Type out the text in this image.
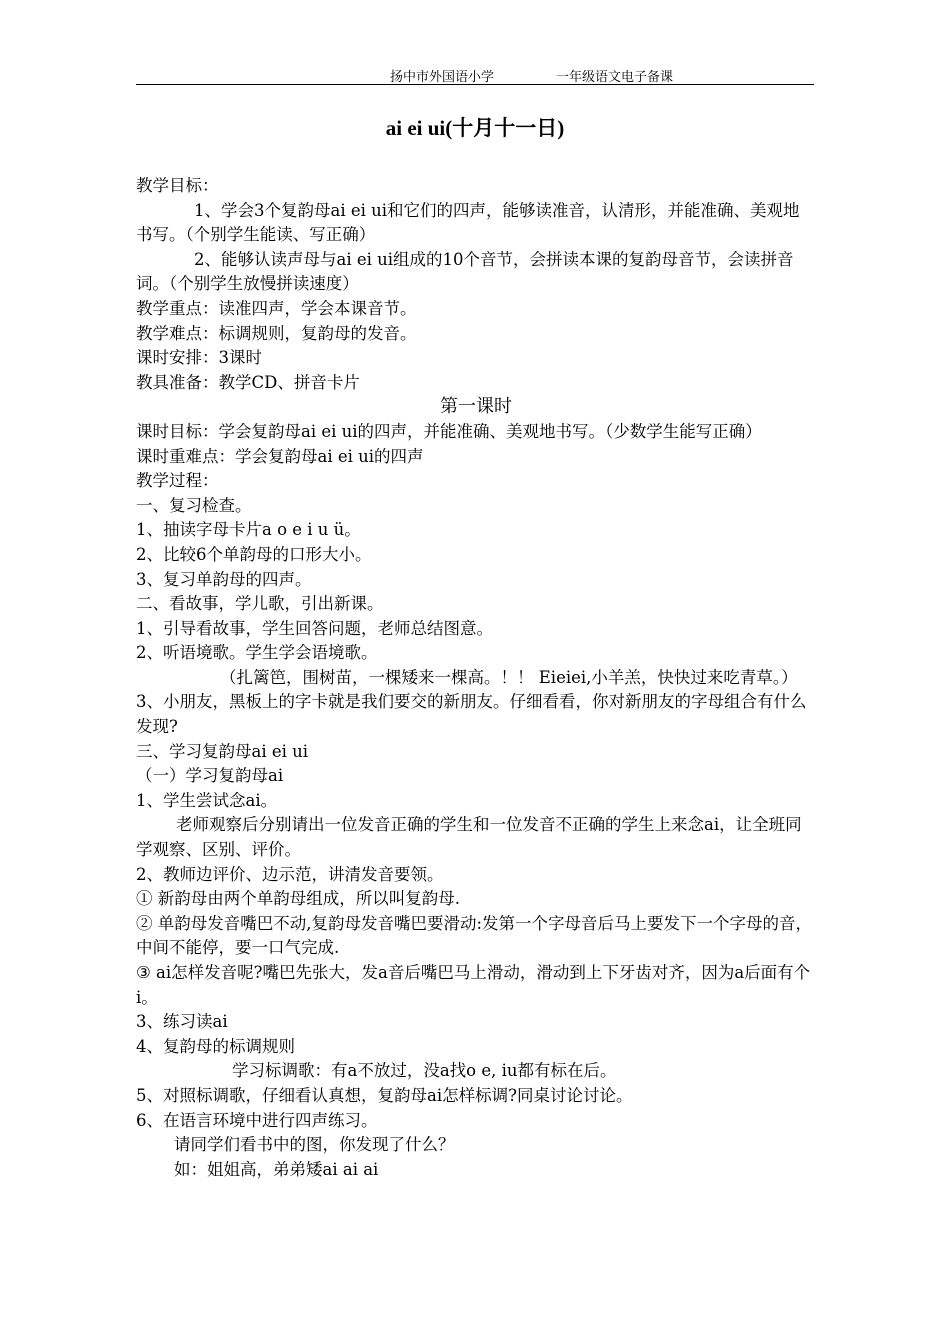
扬中市外国语小学	一年级语文电子备课
ai ei ui(十月十一日)

教学目标：

1、学会3个复韵母ai ei ui和它们的四声，能够读准音，认清形，并能准确、美观地书写。（个别学生能读、写正确）

2、能够认读声母与ai ei ui组成的10个音节，会拼读本课的复韵母音节，会读拼音词。（个别学生放慢拼读速度）

教学重点：读准四声，学会本课音节。

教学难点：标调规则，复韵母的发音。

课时安排：3课时

教具准备：教学CD、拼音卡片

第一课时

课时目标：学会复韵母ai ei ui的四声，并能准确、美观地书写。（少数学生能写正确）

课时重难点：学会复韵母ai ei ui的四声

教学过程：

一、复习检查。

1、抽读字母卡片a o e i u ü。

2、比较6个单韵母的口形大小。

3、复习单韵母的四声。

二、看故事，学儿歌，引出新课。

1、引导看故事，学生回答问题，老师总结图意。

2、听语境歌。学生学会语境歌。

（扎篱笆，围树苗，一棵矮来一棵高。！！ Eieiei,小羊羔，快快过来吃青草。）

3、小朋友，黑板上的字卡就是我们要交的新朋友。仔细看看，你对新朋友的字母组合有什么发现?

三、学习复韵母ai ei ui

（一）学习复韵母ai

1、学生尝试念ai。

老师观察后分别请出一位发音正确的学生和一位发音不正确的学生上来念ai，让全班同学观察、区别、评价。

2、教师边评价、边示范，讲清发音要领。

① 新韵母由两个单韵母组成，所以叫复韵母.

② 单韵母发音嘴巴不动,复韵母发音嘴巴要滑动:发第一个字母音后马上要发下一个字母的音，中间不能停，要一口气完成.

③ ai怎样发音呢?嘴巴先张大，发a音后嘴巴马上滑动，滑动到上下牙齿对齐，因为a后面有个i。

3、练习读ai

4、复韵母的标调规则

学习标调歌：有a不放过，没a找o e, iu都有标在后。

5、对照标调歌，仔细看认真想，复韵母ai怎样标调?同桌讨论讨论。

6、在语言环境中进行四声练习。

请同学们看书中的图，你发现了什么？

如：姐姐高，弟弟矮ai ai ai
